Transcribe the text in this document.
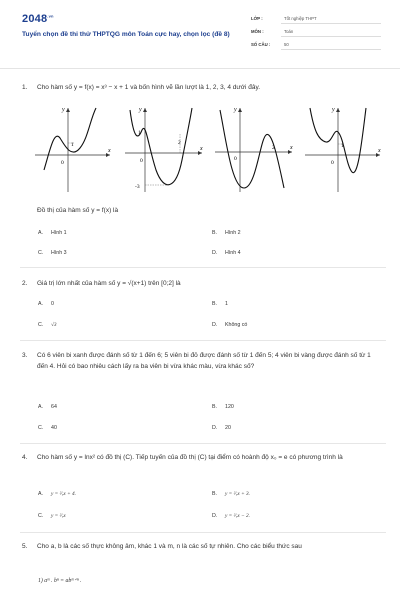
$2048^{.vn}$
Tuyển chọn đề thi thử THPTQG môn Toán cực hay, chọn lọc (đề 8)
LỚP :	Tốt nghiệp THPT
MÔN :	Toán
SỐ CÂU :	50
1. Cho hàm số y = f(x) = x³ − x + 1 và bốn hình vẽ lần lượt là 1, 2, 3, 4 dưới đây.
y
x
1
0
y
x
1
0
2
-3
y
x
0
2
y
x
1
0
Đồ thị của hàm số y = f(x) là
A. Hình 1	B. Hình 2
C. Hình 3	D. Hình 4
2. Giá trị lớn nhất của hàm số y = √(x+1) trên [0;2] là
A. 0	B. 1
C. √3	D. Không có
3. Có 6 viên bi xanh được đánh số từ 1 đến 6; 5 viên bi đỏ được đánh số từ 1 đến 5; 4 viên bi vàng được đánh số từ 1 đến 4. Hỏi có bao nhiêu cách lấy ra ba viên bi vừa khác màu, vừa khác số?
A. 64	B. 120
C. 40	D. 20
4. Cho hàm số y = lnx² có đồ thị (C). Tiếp tuyến của đồ thị (C) tại điểm có hoành độ x₀ = e có phương trình là
A. y = ²⁄ₑx + 4.	B. y = ²⁄ₑx + 3.
C. y = ²⁄ₑx	D. y = ²⁄ₑx − 2.
5. Cho a, b là các số thực không âm, khác 1 và m, n là các số tự nhiên. Cho các biểu thức sau
1) aᵐ . bⁿ = abᵐ⁺ⁿ .
